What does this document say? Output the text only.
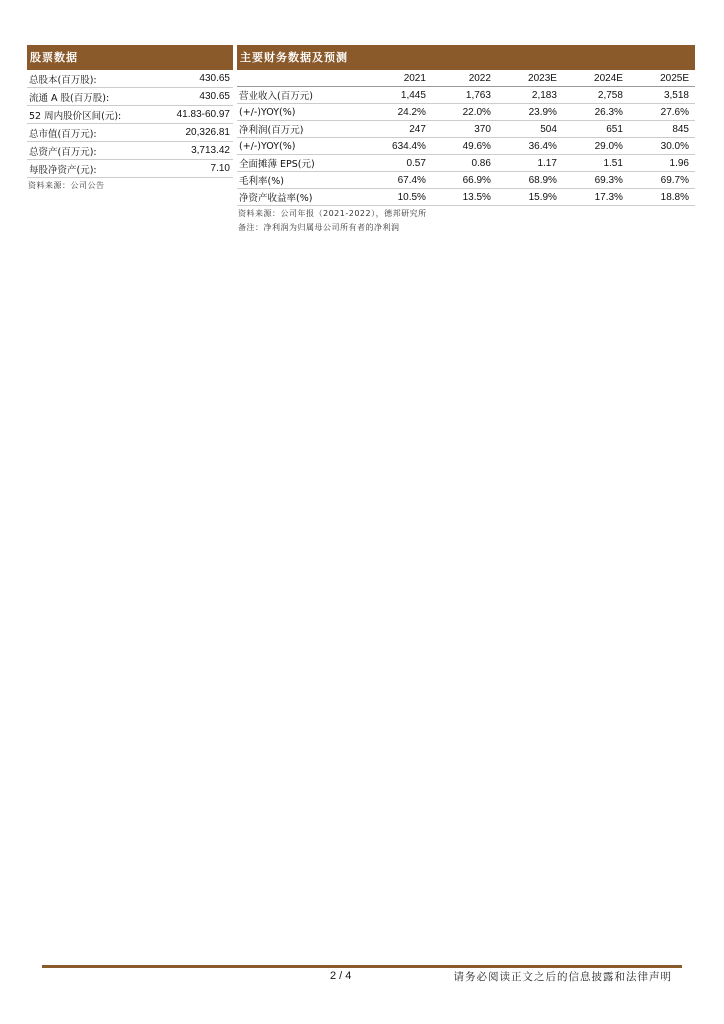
股票数据
总股本(百万股):	430.65
流通 A 股(百万股):	430.65
52 周内股价区间(元):	41.83-60.97
总市值(百万元):	20,326.81
总资产(百万元):	3,713.42
每股净资产(元):	7.10
资料来源：公司公告
主要财务数据及预测
	2021	2022	2023E	2024E	2025E
营业收入(百万元)	1,445	1,763	2,183	2,758	3,518
(+/-)YOY(%)	24.2%	22.0%	23.9%	26.3%	27.6%
净利润(百万元)	247	370	504	651	845
(+/-)YOY(%)	634.4%	49.6%	36.4%	29.0%	30.0%
全面摊薄 EPS(元)	0.57	0.86	1.17	1.51	1.96
毛利率(%)	67.4%	66.9%	68.9%	69.3%	69.7%
净资产收益率(%)	10.5%	13.5%	15.9%	17.3%	18.8%
资料来源：公司年报（2021-2022），德邦研究所
备注：净利润为归属母公司所有者的净利润
2 / 4	请务必阅读正文之后的信息披露和法律声明
